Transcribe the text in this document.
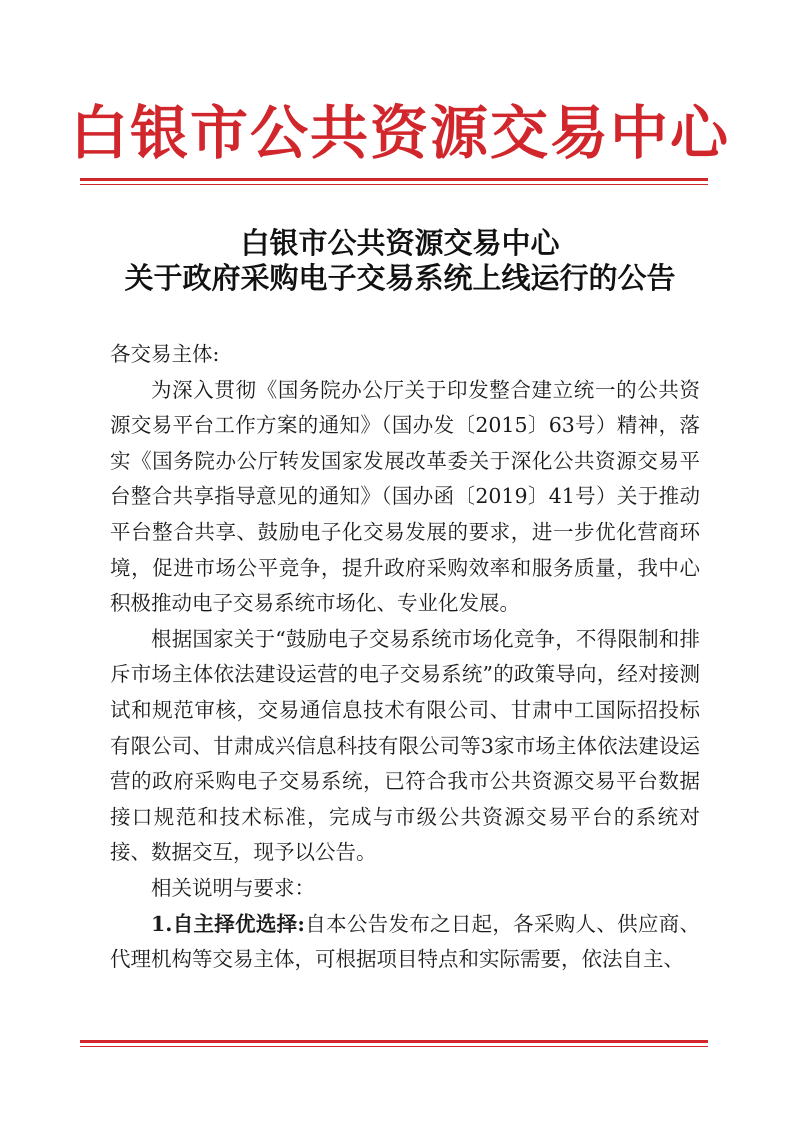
白银市公共资源交易中心
白银市公共资源交易中心
关于政府采购电子交易系统上线运行的公告

各交易主体:

为深入贯彻《国务院办公厅关于印发整合建立统一的公共资源交易平台工作方案的通知》（国办发〔2015〕63号）精神，落实《国务院办公厅转发国家发展改革委关于深化公共资源交易平台整合共享指导意见的通知》（国办函〔2019〕41号）关于推动平台整合共享、鼓励电子化交易发展的要求，进一步优化营商环境，促进市场公平竞争，提升政府采购效率和服务质量，我中心积极推动电子交易系统市场化、专业化发展。

根据国家关于“鼓励电子交易系统市场化竞争，不得限制和排斥市场主体依法建设运营的电子交易系统”的政策导向，经对接测试和规范审核，交易通信息技术有限公司、甘肃中工国际招投标有限公司、甘肃成兴信息科技有限公司等3家市场主体依法建设运营的政府采购电子交易系统，已符合我市公共资源交易平台数据接口规范和技术标准，完成与市级公共资源交易平台的系统对接、数据交互，现予以公告。

相关说明与要求：

1.自主择优选择:自本公告发布之日起，各采购人、供应商、代理机构等交易主体，可根据项目特点和实际需要，依法自主、
